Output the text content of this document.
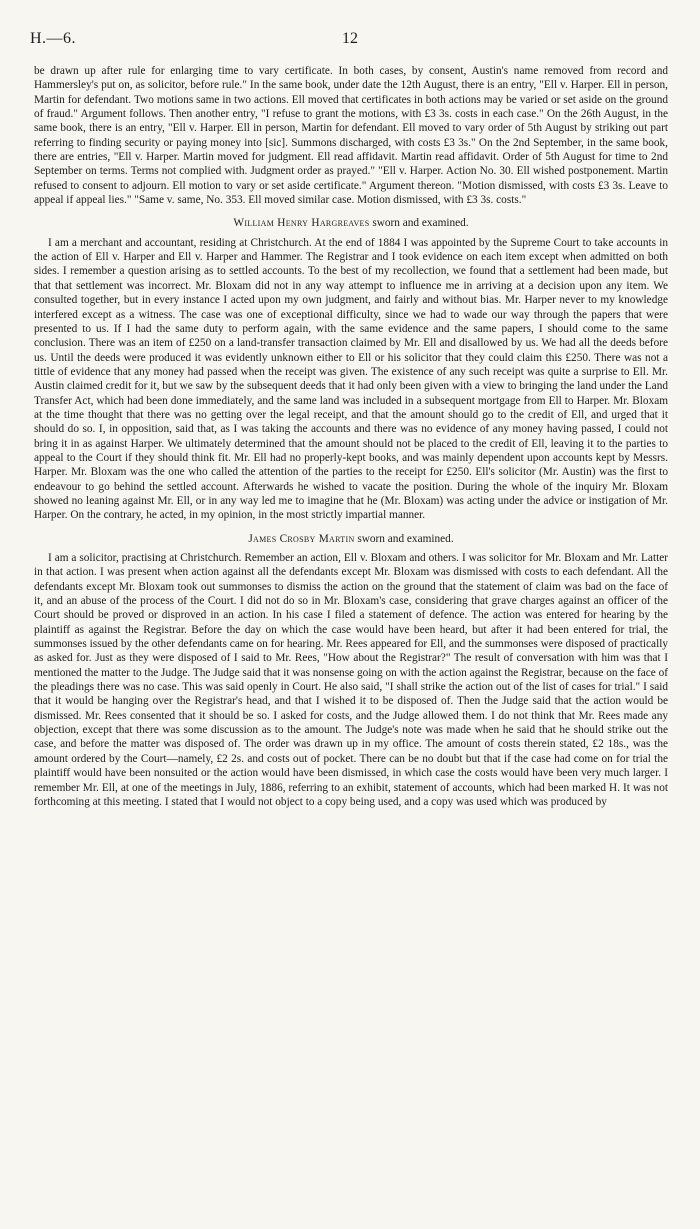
H.—6.	12

be drawn up after rule for enlarging time to vary certificate. In both cases, by consent, Austin's name removed from record and Hammersley's put on, as solicitor, before rule." In the same book, under date the 12th August, there is an entry, "Ell v. Harper. Ell in person, Martin for defendant. Two motions same in two actions. Ell moved that certificates in both actions may be varied or set aside on the ground of fraud." Argument follows. Then another entry, "I refuse to grant the motions, with £3 3s. costs in each case." On the 26th August, in the same book, there is an entry, "Ell v. Harper. Ell in person, Martin for defendant. Ell moved to vary order of 5th August by striking out part referring to finding security or paying money into [sic]. Summons discharged, with costs £3 3s." On the 2nd September, in the same book, there are entries, "Ell v. Harper. Martin moved for judgment. Ell read affidavit. Martin read affidavit. Order of 5th August for time to 2nd September on terms. Terms not complied with. Judgment order as prayed." "Ell v. Harper. Action No. 30. Ell wished postponement. Martin refused to consent to adjourn. Ell motion to vary or set aside certificate." Argument thereon. "Motion dismissed, with costs £3 3s. Leave to appeal if appeal lies." "Same v. same, No. 353. Ell moved similar case. Motion dismissed, with £3 3s. costs."

William Henry Hargreaves sworn and examined.

I am a merchant and accountant, residing at Christchurch. At the end of 1884 I was appointed by the Supreme Court to take accounts in the action of Ell v. Harper and Ell v. Harper and Hammer. The Registrar and I took evidence on each item except when admitted on both sides. I remember a question arising as to settled accounts. To the best of my recollection, we found that a settlement had been made, but that that settlement was incorrect. Mr. Bloxam did not in any way attempt to influence me in arriving at a decision upon any item. We consulted together, but in every instance I acted upon my own judgment, and fairly and without bias. Mr. Harper never to my knowledge interfered except as a witness. The case was one of exceptional difficulty, since we had to wade our way through the papers that were presented to us. If I had the same duty to perform again, with the same evidence and the same papers, I should come to the same conclusion. There was an item of £250 on a land-transfer transaction claimed by Mr. Ell and disallowed by us. We had all the deeds before us. Until the deeds were produced it was evidently unknown either to Ell or his solicitor that they could claim this £250. There was not a tittle of evidence that any money had passed when the receipt was given. The existence of any such receipt was quite a surprise to Ell. Mr. Austin claimed credit for it, but we saw by the subsequent deeds that it had only been given with a view to bringing the land under the Land Transfer Act, which had been done immediately, and the same land was included in a subsequent mortgage from Ell to Harper. Mr. Bloxam at the time thought that there was no getting over the legal receipt, and that the amount should go to the credit of Ell, and urged that it should do so. I, in opposition, said that, as I was taking the accounts and there was no evidence of any money having passed, I could not bring it in as against Harper. We ultimately determined that the amount should not be placed to the credit of Ell, leaving it to the parties to appeal to the Court if they should think fit. Mr. Ell had no properly-kept books, and was mainly dependent upon accounts kept by Messrs. Harper. Mr. Bloxam was the one who called the attention of the parties to the receipt for £250. Ell's solicitor (Mr. Austin) was the first to endeavour to go behind the settled account. Afterwards he wished to vacate the position. During the whole of the inquiry Mr. Bloxam showed no leaning against Mr. Ell, or in any way led me to imagine that he (Mr. Bloxam) was acting under the advice or instigation of Mr. Harper. On the contrary, he acted, in my opinion, in the most strictly impartial manner.

James Crosby Martin sworn and examined.

I am a solicitor, practising at Christchurch. Remember an action, Ell v. Bloxam and others. I was solicitor for Mr. Bloxam and Mr. Latter in that action. I was present when action against all the defendants except Mr. Bloxam was dismissed with costs to each defendant. All the defendants except Mr. Bloxam took out summonses to dismiss the action on the ground that the statement of claim was bad on the face of it, and an abuse of the process of the Court. I did not do so in Mr. Bloxam's case, considering that grave charges against an officer of the Court should be proved or disproved in an action. In his case I filed a statement of defence. The action was entered for hearing by the plaintiff as against the Registrar. Before the day on which the case would have been heard, but after it had been entered for trial, the summonses issued by the other defendants came on for hearing. Mr. Rees appeared for Ell, and the summonses were disposed of practically as asked for. Just as they were disposed of I said to Mr. Rees, "How about the Registrar?" The result of conversation with him was that I mentioned the matter to the Judge. The Judge said that it was nonsense going on with the action against the Registrar, because on the face of the pleadings there was no case. This was said openly in Court. He also said, "I shall strike the action out of the list of cases for trial." I said that it would be hanging over the Registrar's head, and that I wished it to be disposed of. Then the Judge said that the action would be dismissed. Mr. Rees consented that it should be so. I asked for costs, and the Judge allowed them. I do not think that Mr. Rees made any objection, except that there was some discussion as to the amount. The Judge's note was made when he said that he should strike out the case, and before the matter was disposed of. The order was drawn up in my office. The amount of costs therein stated, £2 18s., was the amount ordered by the Court—namely, £2 2s. and costs out of pocket. There can be no doubt but that if the case had come on for trial the plaintiff would have been nonsuited or the action would have been dismissed, in which case the costs would have been very much larger. I remember Mr. Ell, at one of the meetings in July, 1886, referring to an exhibit, statement of accounts, which had been marked H. It was not forthcoming at this meeting. I stated that I would not object to a copy being used, and a copy was used which was produced by
